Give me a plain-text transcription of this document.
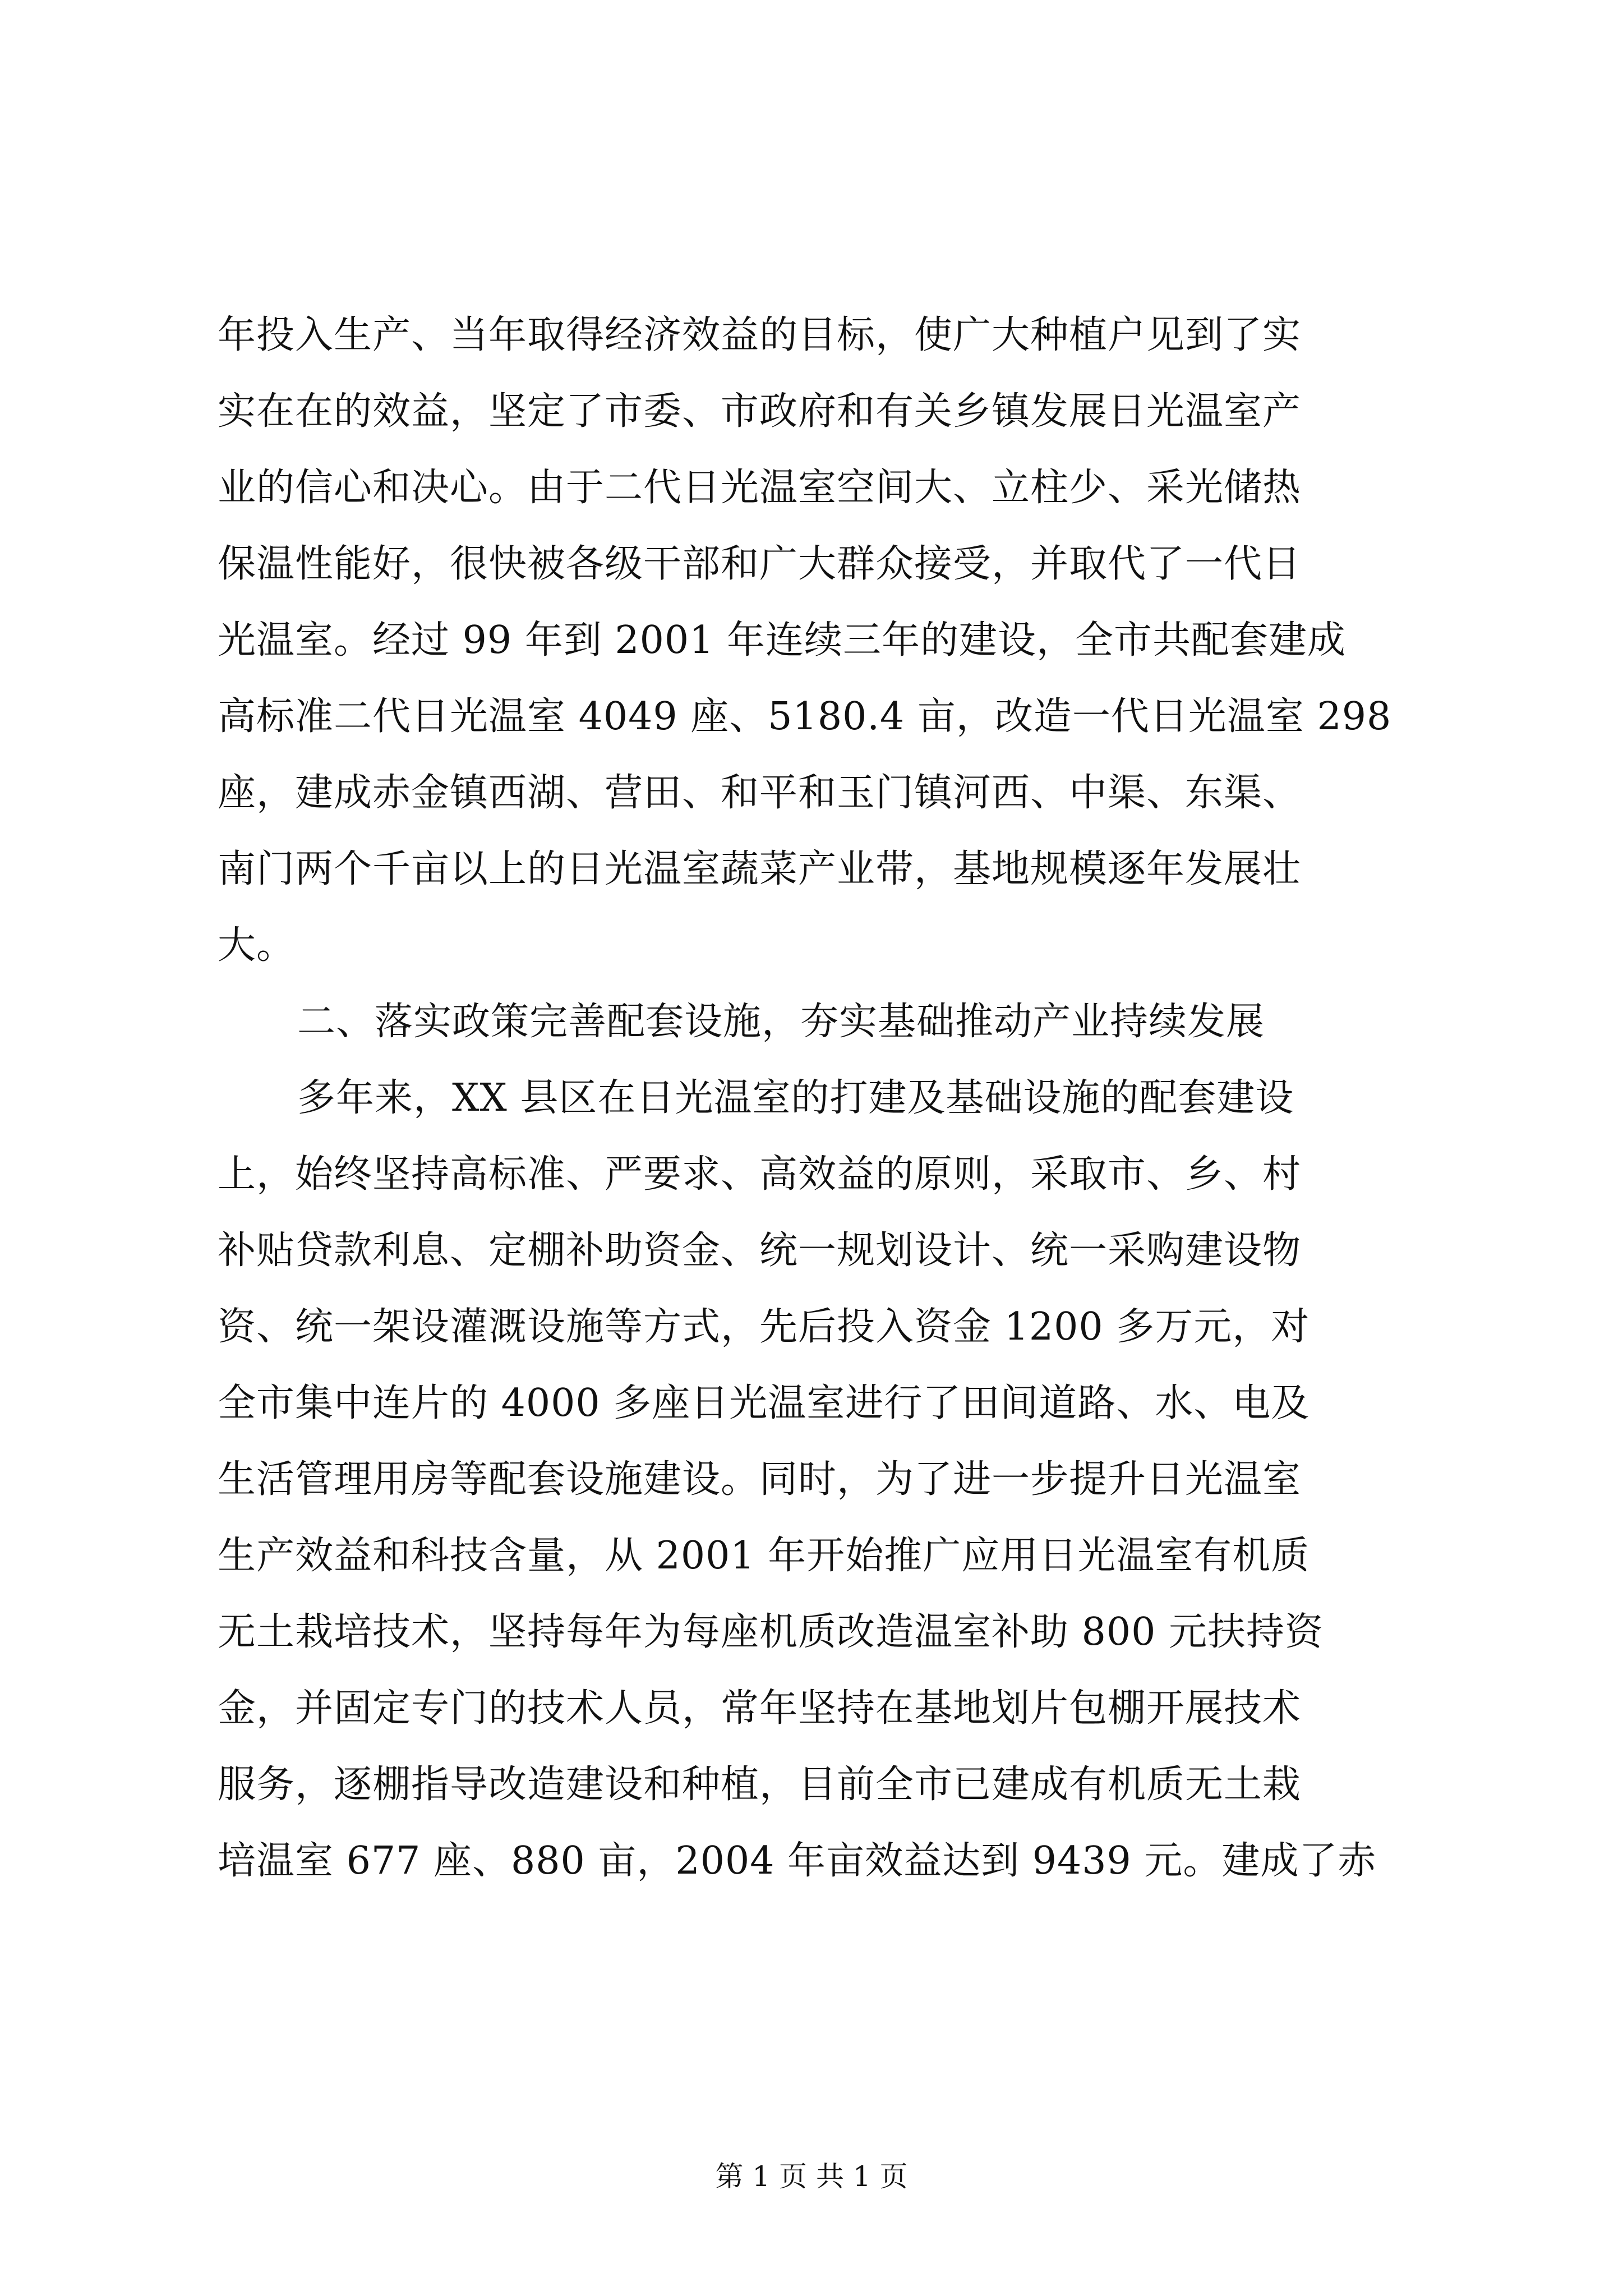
年投入生产、当年取得经济效益的目标，使广大种植户见到了实
实在在的效益，坚定了市委、市政府和有关乡镇发展日光温室产
业的信心和决心。由于二代日光温室空间大、立柱少、采光储热
保温性能好，很快被各级干部和广大群众接受，并取代了一代日
光温室。经过 99 年到 2001 年连续三年的建设，全市共配套建成
高标准二代日光温室 4049 座、5180.4 亩，改造一代日光温室 298
座，建成赤金镇西湖、营田、和平和玉门镇河西、中渠、东渠、
南门两个千亩以上的日光温室蔬菜产业带，基地规模逐年发展壮
大。
二、落实政策完善配套设施，夯实基础推动产业持续发展
多年来，XX 县区在日光温室的打建及基础设施的配套建设
上，始终坚持高标准、严要求、高效益的原则，采取市、乡、村
补贴贷款利息、定棚补助资金、统一规划设计、统一采购建设物
资、统一架设灌溉设施等方式，先后投入资金 1200 多万元，对
全市集中连片的 4000 多座日光温室进行了田间道路、水、电及
生活管理用房等配套设施建设。同时，为了进一步提升日光温室
生产效益和科技含量，从 2001 年开始推广应用日光温室有机质
无土栽培技术，坚持每年为每座机质改造温室补助 800 元扶持资
金，并固定专门的技术人员，常年坚持在基地划片包棚开展技术
服务，逐棚指导改造建设和种植，目前全市已建成有机质无土栽
培温室 677 座、880 亩，2004 年亩效益达到 9439 元。建成了赤
第 1 页 共 1 页
